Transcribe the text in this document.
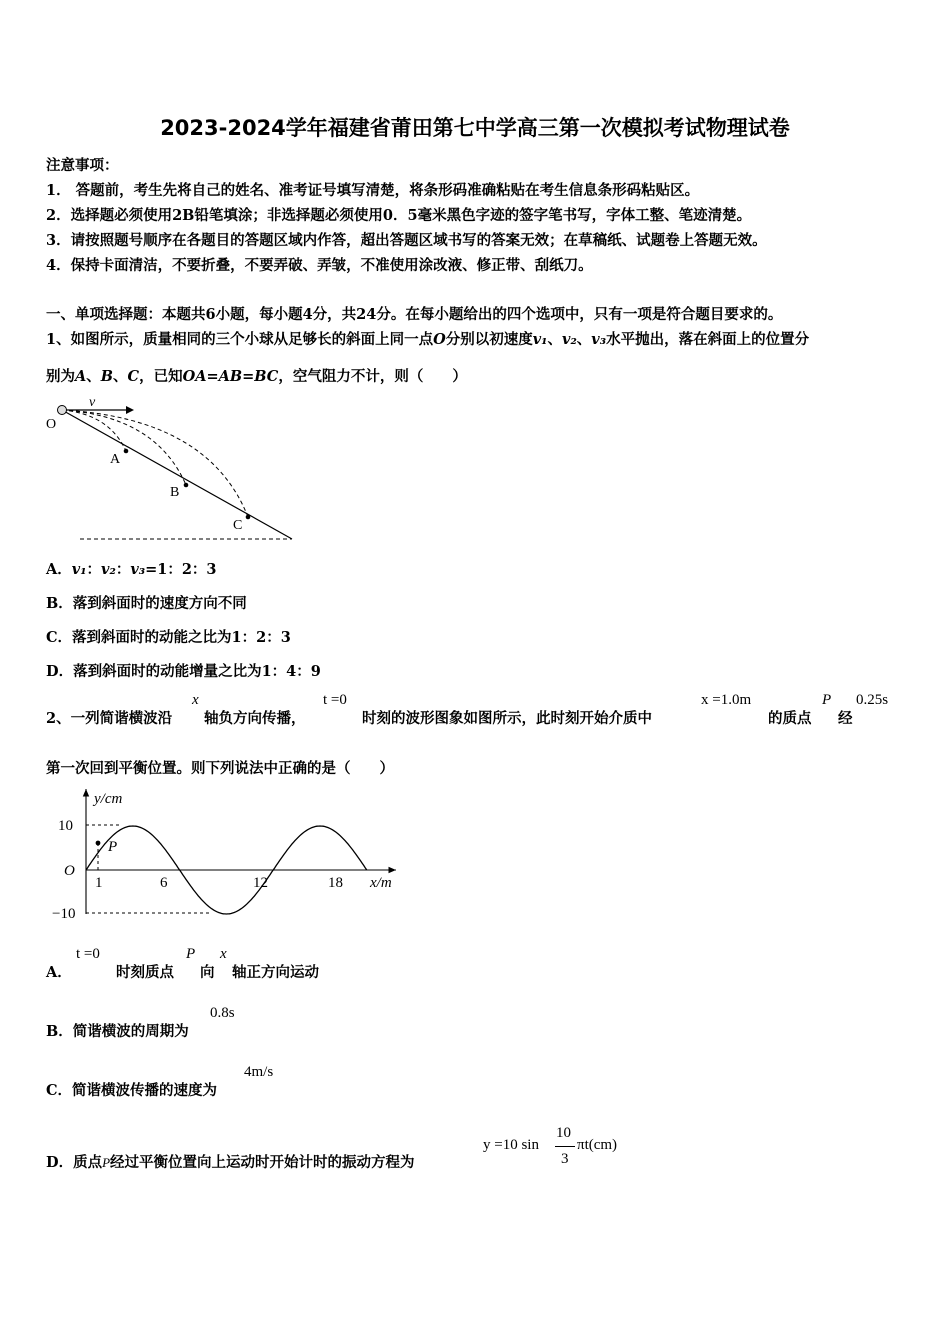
2023-2024学年福建省莆田第七中学高三第一次模拟考试物理试卷
注意事项：
1． 答题前，考生先将自己的姓名、准考证号填写清楚，将条形码准确粘贴在考生信息条形码粘贴区。
2．选择题必须使用2B铅笔填涂；非选择题必须使用0．5毫米黑色字迹的签字笔书写，字体工整、笔迹清楚。
3．请按照题号顺序在各题目的答题区域内作答，超出答题区域书写的答案无效；在草稿纸、试题卷上答题无效。
4．保持卡面清洁，不要折叠，不要弄破、弄皱，不准使用涂改液、修正带、刮纸刀。
一、单项选择题：本题共6小题，每小题4分，共24分。在每小题给出的四个选项中，只有一项是符合题目要求的。
1、如图所示，质量相同的三个小球从足够长的斜面上同一点O分别以初速度v₁、v₂、v₃水平抛出，落在斜面上的位置分
别为A、B、C，已知OA=AB=BC，空气阻力不计，则（　　）
v
O
A
B
C
A．v₁：v₂：v₃=1：2：3
B．落到斜面时的速度方向不同
C．落到斜面时的动能之比为1：2：3
D．落到斜面时的动能增量之比为1：4：9
2、一列简谐横波沿
x
轴负方向传播，
t =0
时刻的波形图象如图所示，此时刻开始介质中
x =1.0m
的质点
P
经
0.25s
第一次回到平衡位置。则下列说法中正确的是（　　）
y/cm
x/m
O
10
−10
1	6	12	18
P
A．
t =0
时刻质点
P
向
x
轴正方向运动
B．简谐横波的周期为
0.8s
C．简谐横波传播的速度为
4m/s
D．质点P经过平衡位置向上运动时开始计时的振动方程为
y =10 sin
10
3
πt(cm)
